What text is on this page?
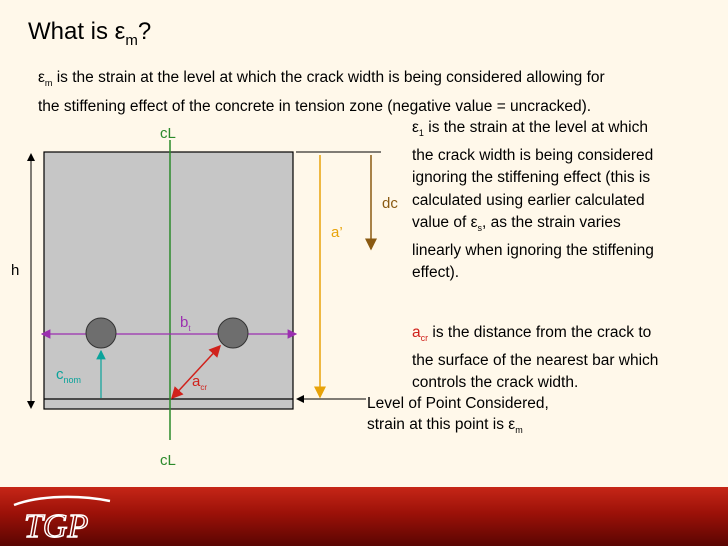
What is $\varepsilon_m$?
$\varepsilon_m$ is the strain at the level at which the crack width is being considered allowing for
the stiffening effect of the concrete in tension zone (negative value = uncracked).
cL
cL
h
a’
dc
$b_t$
$c_{nom}$	$a_{cr}$
$\varepsilon_1$ is the strain at the level at which
the crack width is being considered
ignoring the stiffening effect (this is
calculated using earlier calculated
value of $\varepsilon_s$, as the strain varies
linearly when ignoring the stiffening
effect).
$a_{cr}$ is the distance from the crack to
the surface of the nearest bar which
controls the crack width.
Level of Point Considered,
strain at this point is $\varepsilon_m$
TGP
